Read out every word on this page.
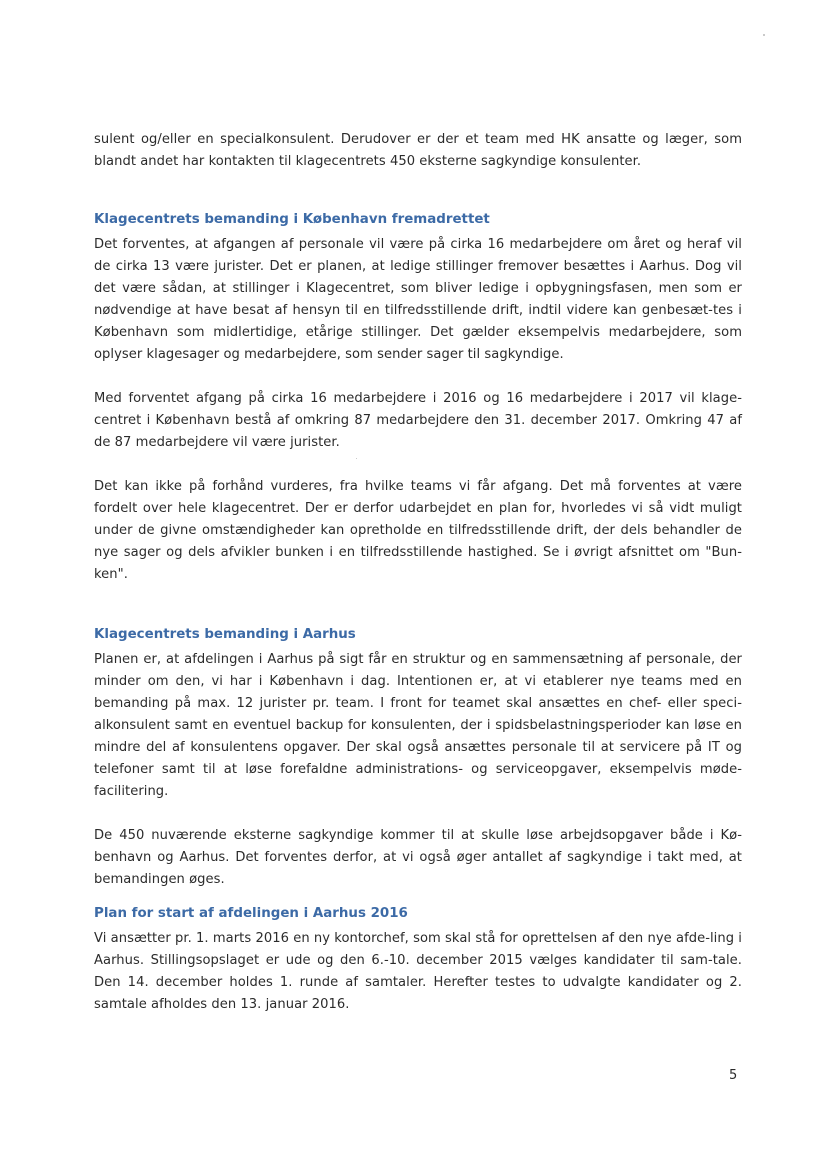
sulent og/eller en specialkonsulent. Derudover er der et team med HK ansatte og læger, som blandt andet har kontakten til klagecentrets 450 eksterne sagkyndige konsulenter.

Klagecentrets bemanding i København fremadrettet

Det forventes, at afgangen af personale vil være på cirka 16 medarbejdere om året og heraf vil de cirka 13 være jurister. Det er planen, at ledige stillinger fremover besættes i Aarhus. Dog vil det være sådan, at stillinger i Klagecentret, som bliver ledige i opbygningsfasen, men som er nødvendige at have besat af hensyn til en tilfredsstillende drift, indtil videre kan genbesæt-tes i København som midlertidige, etårige stillinger. Det gælder eksempelvis medarbejdere, som oplyser klagesager og medarbejdere, som sender sager til sagkyndige.

Med forventet afgang på cirka 16 medarbejdere i 2016 og 16 medarbejdere i 2017 vil klage-centret i København bestå af omkring 87 medarbejdere den 31. december 2017. Omkring 47 af de 87 medarbejdere vil være jurister.

Det kan ikke på forhånd vurderes, fra hvilke teams vi får afgang. Det må forventes at være fordelt over hele klagecentret. Der er derfor udarbejdet en plan for, hvorledes vi så vidt muligt under de givne omstændigheder kan opretholde en tilfredsstillende drift, der dels behandler de nye sager og dels afvikler bunken i en tilfredsstillende hastighed. Se i øvrigt afsnittet om "Bun-ken".

Klagecentrets bemanding i Aarhus

Planen er, at afdelingen i Aarhus på sigt får en struktur og en sammensætning af personale, der minder om den, vi har i København i dag. Intentionen er, at vi etablerer nye teams med en bemanding på max. 12 jurister pr. team. I front for teamet skal ansættes en chef- eller speci-alkonsulent samt en eventuel backup for konsulenten, der i spidsbelastningsperioder kan løse en mindre del af konsulentens opgaver. Der skal også ansættes personale til at servicere på IT og telefoner samt til at løse forefaldne administrations- og serviceopgaver, eksempelvis møde-facilitering.

De 450 nuværende eksterne sagkyndige kommer til at skulle løse arbejdsopgaver både i Kø-benhavn og Aarhus. Det forventes derfor, at vi også øger antallet af sagkyndige i takt med, at bemandingen øges.

Plan for start af afdelingen i Aarhus 2016

Vi ansætter pr. 1. marts 2016 en ny kontorchef, som skal stå for oprettelsen af den nye afde-ling i Aarhus. Stillingsopslaget er ude og den 6.-10. december 2015 vælges kandidater til sam-tale. Den 14. december holdes 1. runde af samtaler. Herefter testes to udvalgte kandidater og 2. samtale afholdes den 13. januar 2016.

5
